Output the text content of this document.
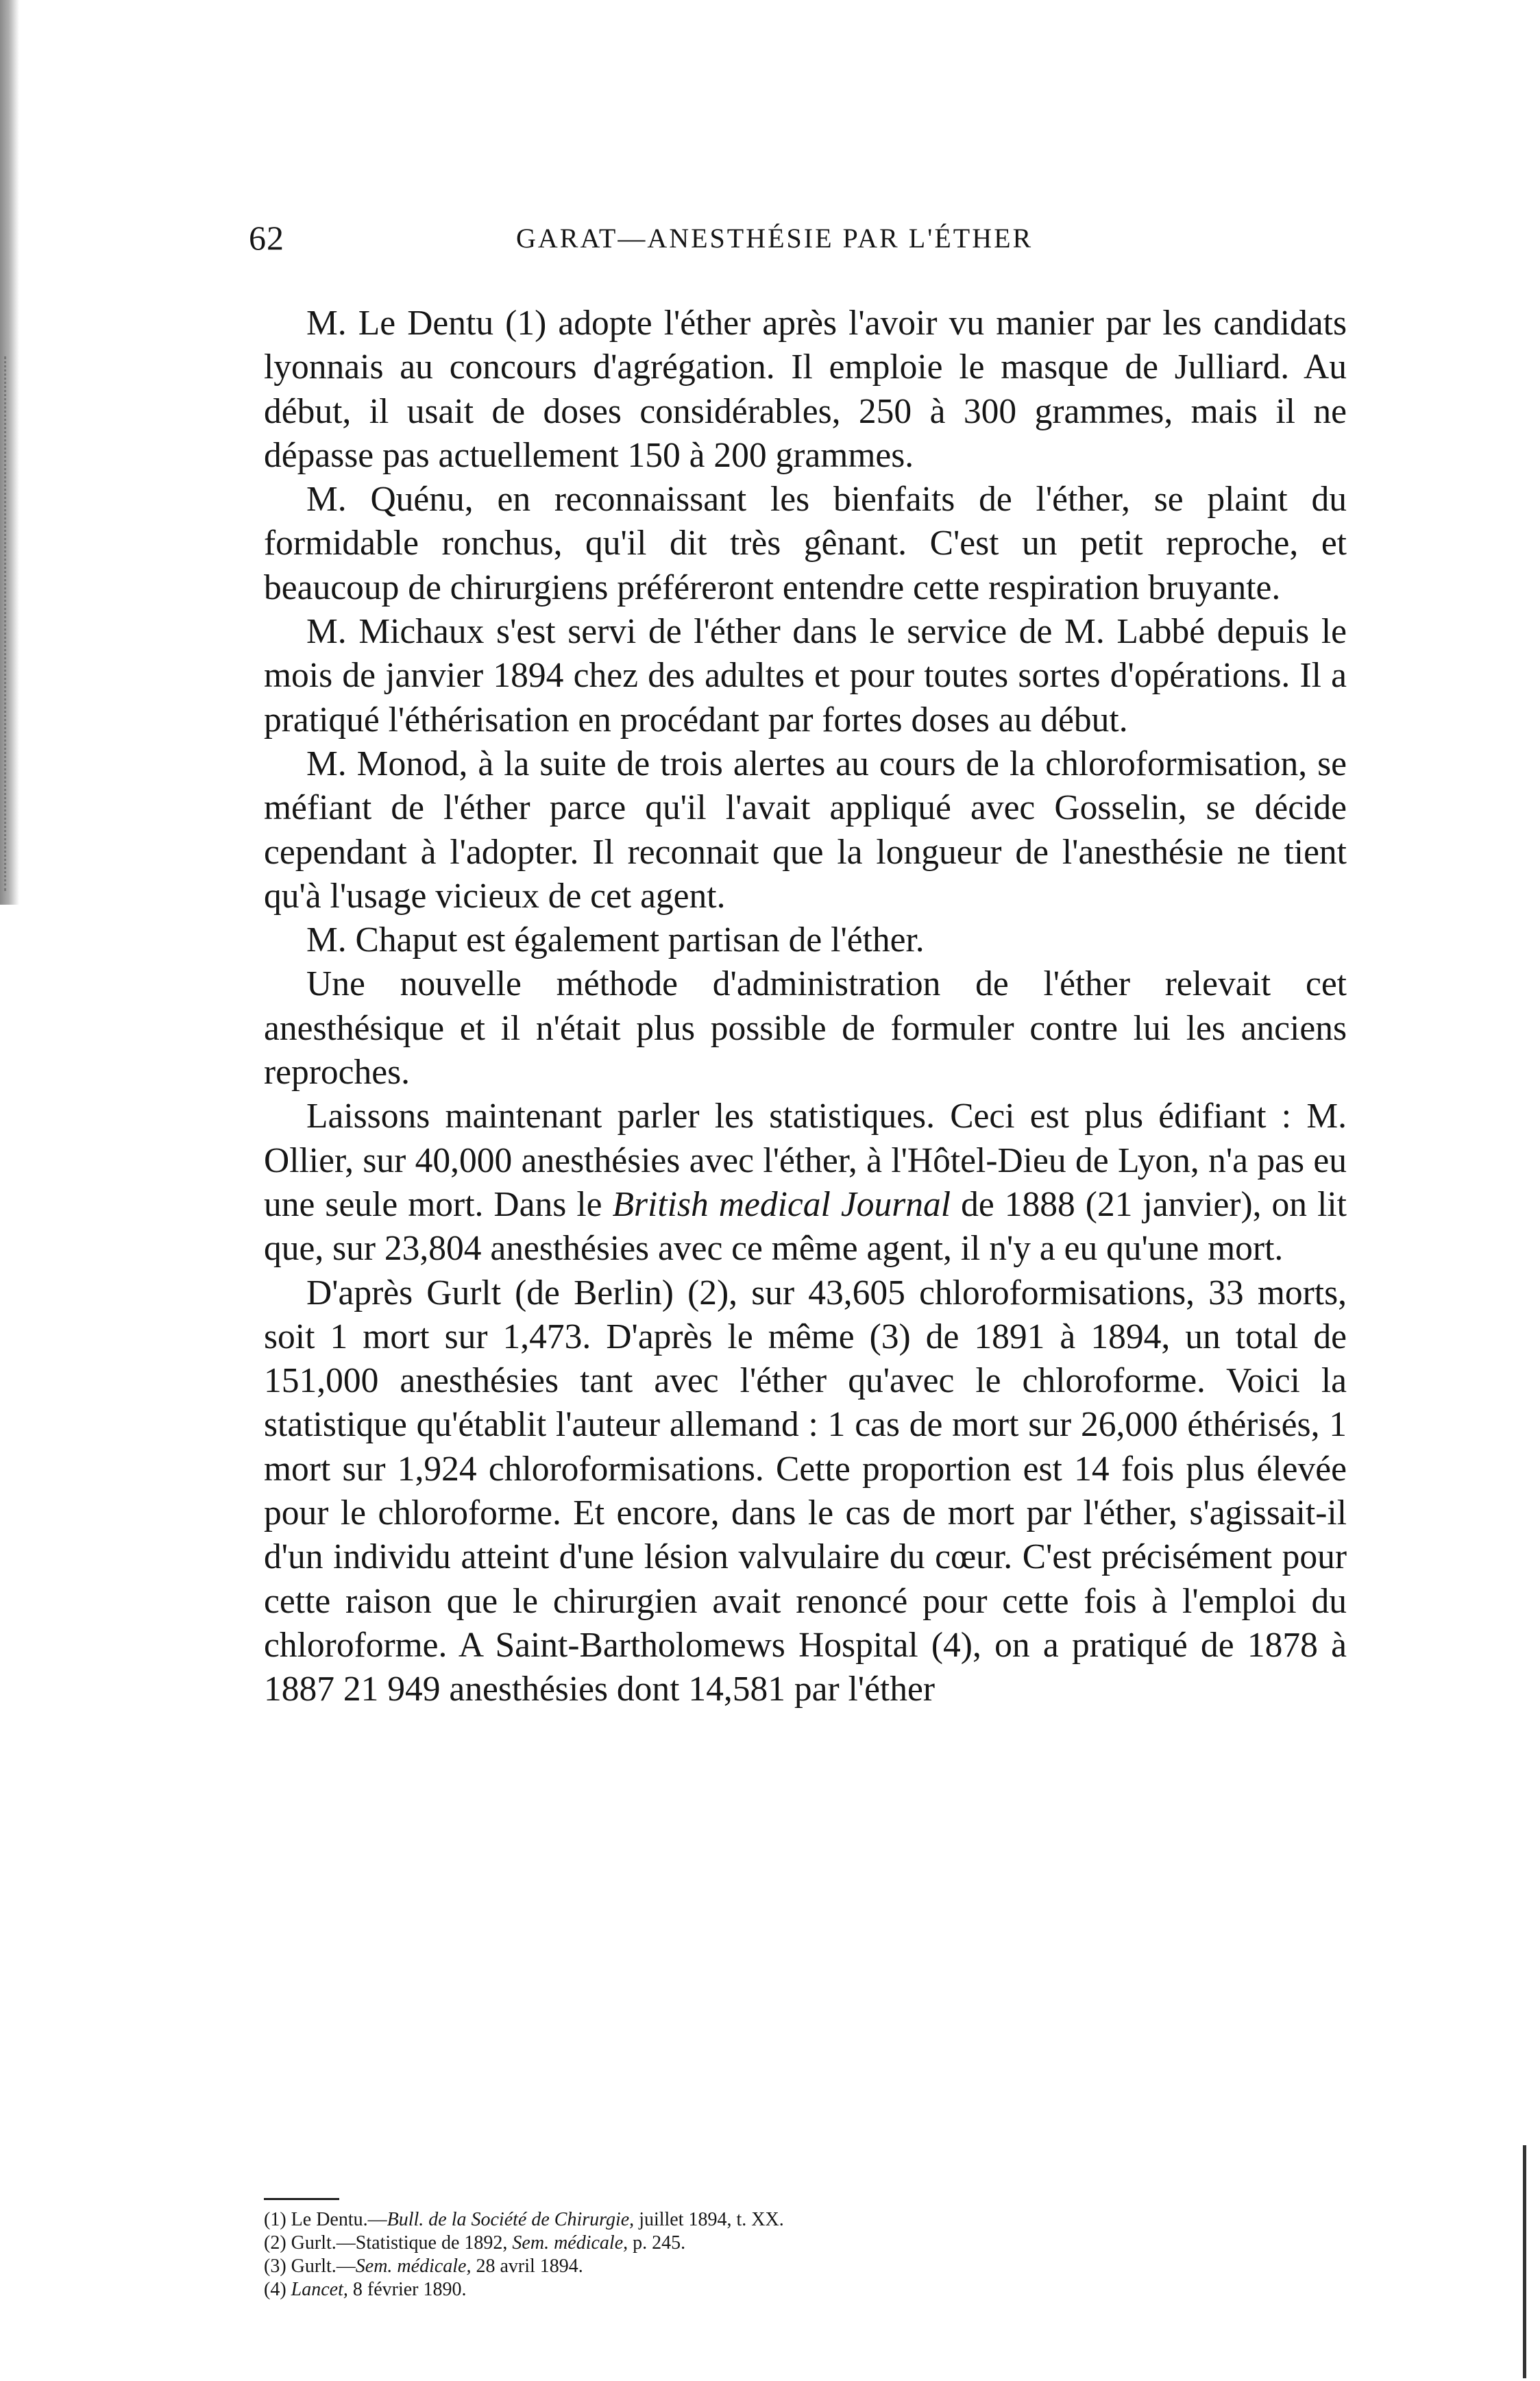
62	GARAT—ANESTHÉSIE PAR L'ÉTHER

M. Le Dentu (1) adopte l'éther après l'avoir vu manier par les candidats lyonnais au concours d'agrégation. Il emploie le masque de Julliard. Au début, il usait de doses considérables, 250 à 300 grammes, mais il ne dépasse pas actuellement 150 à 200 grammes.

M. Quénu, en reconnaissant les bienfaits de l'éther, se plaint du formidable ronchus, qu'il dit très gênant. C'est un petit reproche, et beaucoup de chirurgiens préféreront entendre cette respiration bruyante.

M. Michaux s'est servi de l'éther dans le service de M. Labbé depuis le mois de janvier 1894 chez des adultes et pour toutes sortes d'opérations. Il a pratiqué l'éthérisation en procédant par fortes doses au début.

M. Monod, à la suite de trois alertes au cours de la chloroformisation, se méfiant de l'éther parce qu'il l'avait appliqué avec Gosselin, se décide cependant à l'adopter. Il reconnait que la longueur de l'anesthésie ne tient qu'à l'usage vicieux de cet agent.

M. Chaput est également partisan de l'éther.

Une nouvelle méthode d'administration de l'éther relevait cet anesthésique et il n'était plus possible de formuler contre lui les anciens reproches.

Laissons maintenant parler les statistiques. Ceci est plus édifiant : M. Ollier, sur 40,000 anesthésies avec l'éther, à l'Hôtel-Dieu de Lyon, n'a pas eu une seule mort. Dans le British medical Journal de 1888 (21 janvier), on lit que, sur 23,804 anesthésies avec ce même agent, il n'y a eu qu'une mort.

D'après Gurlt (de Berlin) (2), sur 43,605 chloroformisations, 33 morts, soit 1 mort sur 1,473. D'après le même (3) de 1891 à 1894, un total de 151,000 anesthésies tant avec l'éther qu'avec le chloroforme. Voici la statistique qu'établit l'auteur allemand : 1 cas de mort sur 26,000 éthérisés, 1 mort sur 1,924 chloroformisations. Cette proportion est 14 fois plus élevée pour le chloroforme. Et encore, dans le cas de mort par l'éther, s'agissait-il d'un individu atteint d'une lésion valvulaire du cœur. C'est précisément pour cette raison que le chirurgien avait renoncé pour cette fois à l'emploi du chloroforme. A Saint-Bartholomews Hospital (4), on a pratiqué de 1878 à 1887 21 949 anesthésies dont 14,581 par l'éther

(1) Le Dentu.—Bull. de la Société de Chirurgie, juillet 1894, t. XX.
(2) Gurlt.—Statistique de 1892, Sem. médicale, p. 245.
(3) Gurlt.—Sem. médicale, 28 avril 1894.
(4) Lancet, 8 février 1890.
